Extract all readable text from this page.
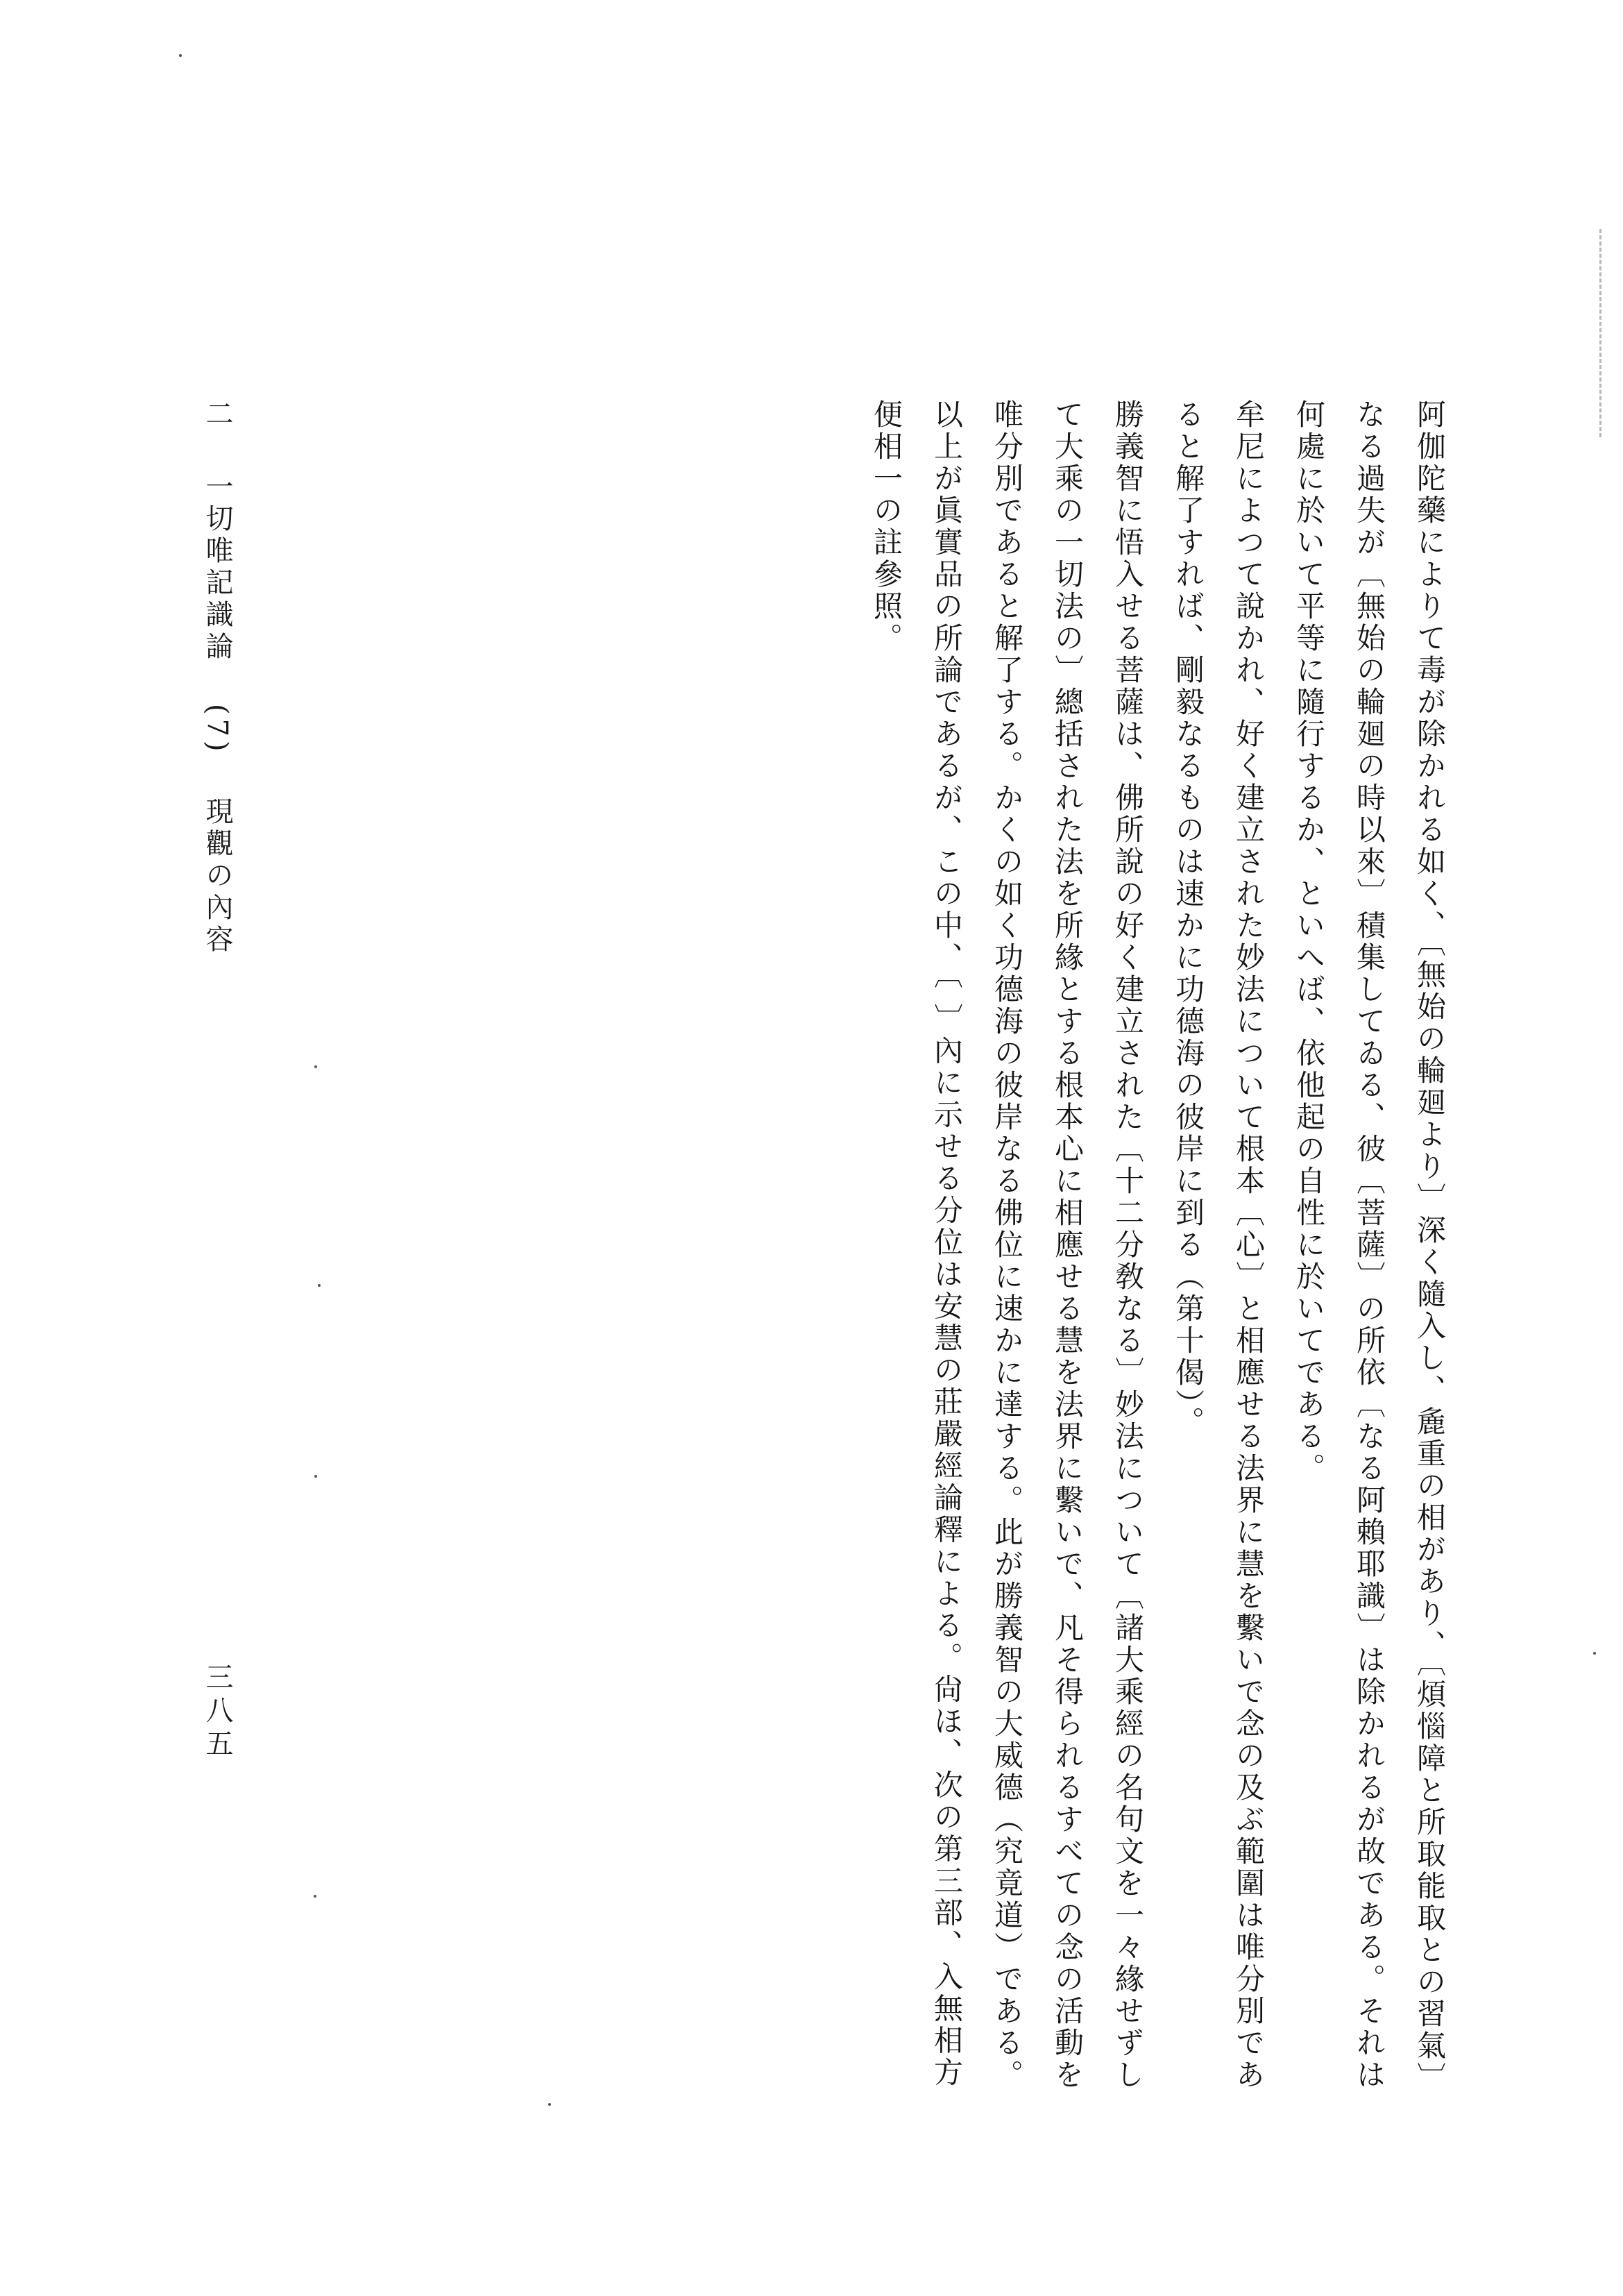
阿伽陀藥によりて毒が除かれる如く、〔無始の輪廻より〕深く隨入し、麁重の相があり、〔煩惱障と所取能取との習氣〕なる過失が〔無始の輪廻の時以來〕積集してゐる、彼〔菩薩〕の所依〔なる阿賴耶識〕は除かれるが故である。それは何處に於いて平等に隨行するか、といへば、依他起の自性に於いてである。

牟尼によつて說かれ、好く建立された妙法について根本〔心〕と相應せる法界に慧を繫いで念の及ぶ範圍は唯分別であると解了すれば、剛毅なるものは速かに功德海の彼岸に到る（第十偈）。

勝義智に悟入せる菩薩は、佛所說の好く建立された〔十二分敎なる〕妙法について〔諸大乘經の名句文を一々緣せずして大乘の一切法の〕總括された法を所緣とする根本心に相應せる慧を法界に繫いで、凡そ得られるすべての念の活動を唯分別であると解了する。かくの如く功德海の彼岸なる佛位に速かに達する。此が勝義智の大威德（究竟道）である。

以上が眞實品の所論であるが、この中、〔 〕內に示せる分位は安慧の莊嚴經論釋による。尙ほ、次の第三部、入無相方便相一の註參照。

二 一切唯記識論 (7) 現觀の內容
三八五
